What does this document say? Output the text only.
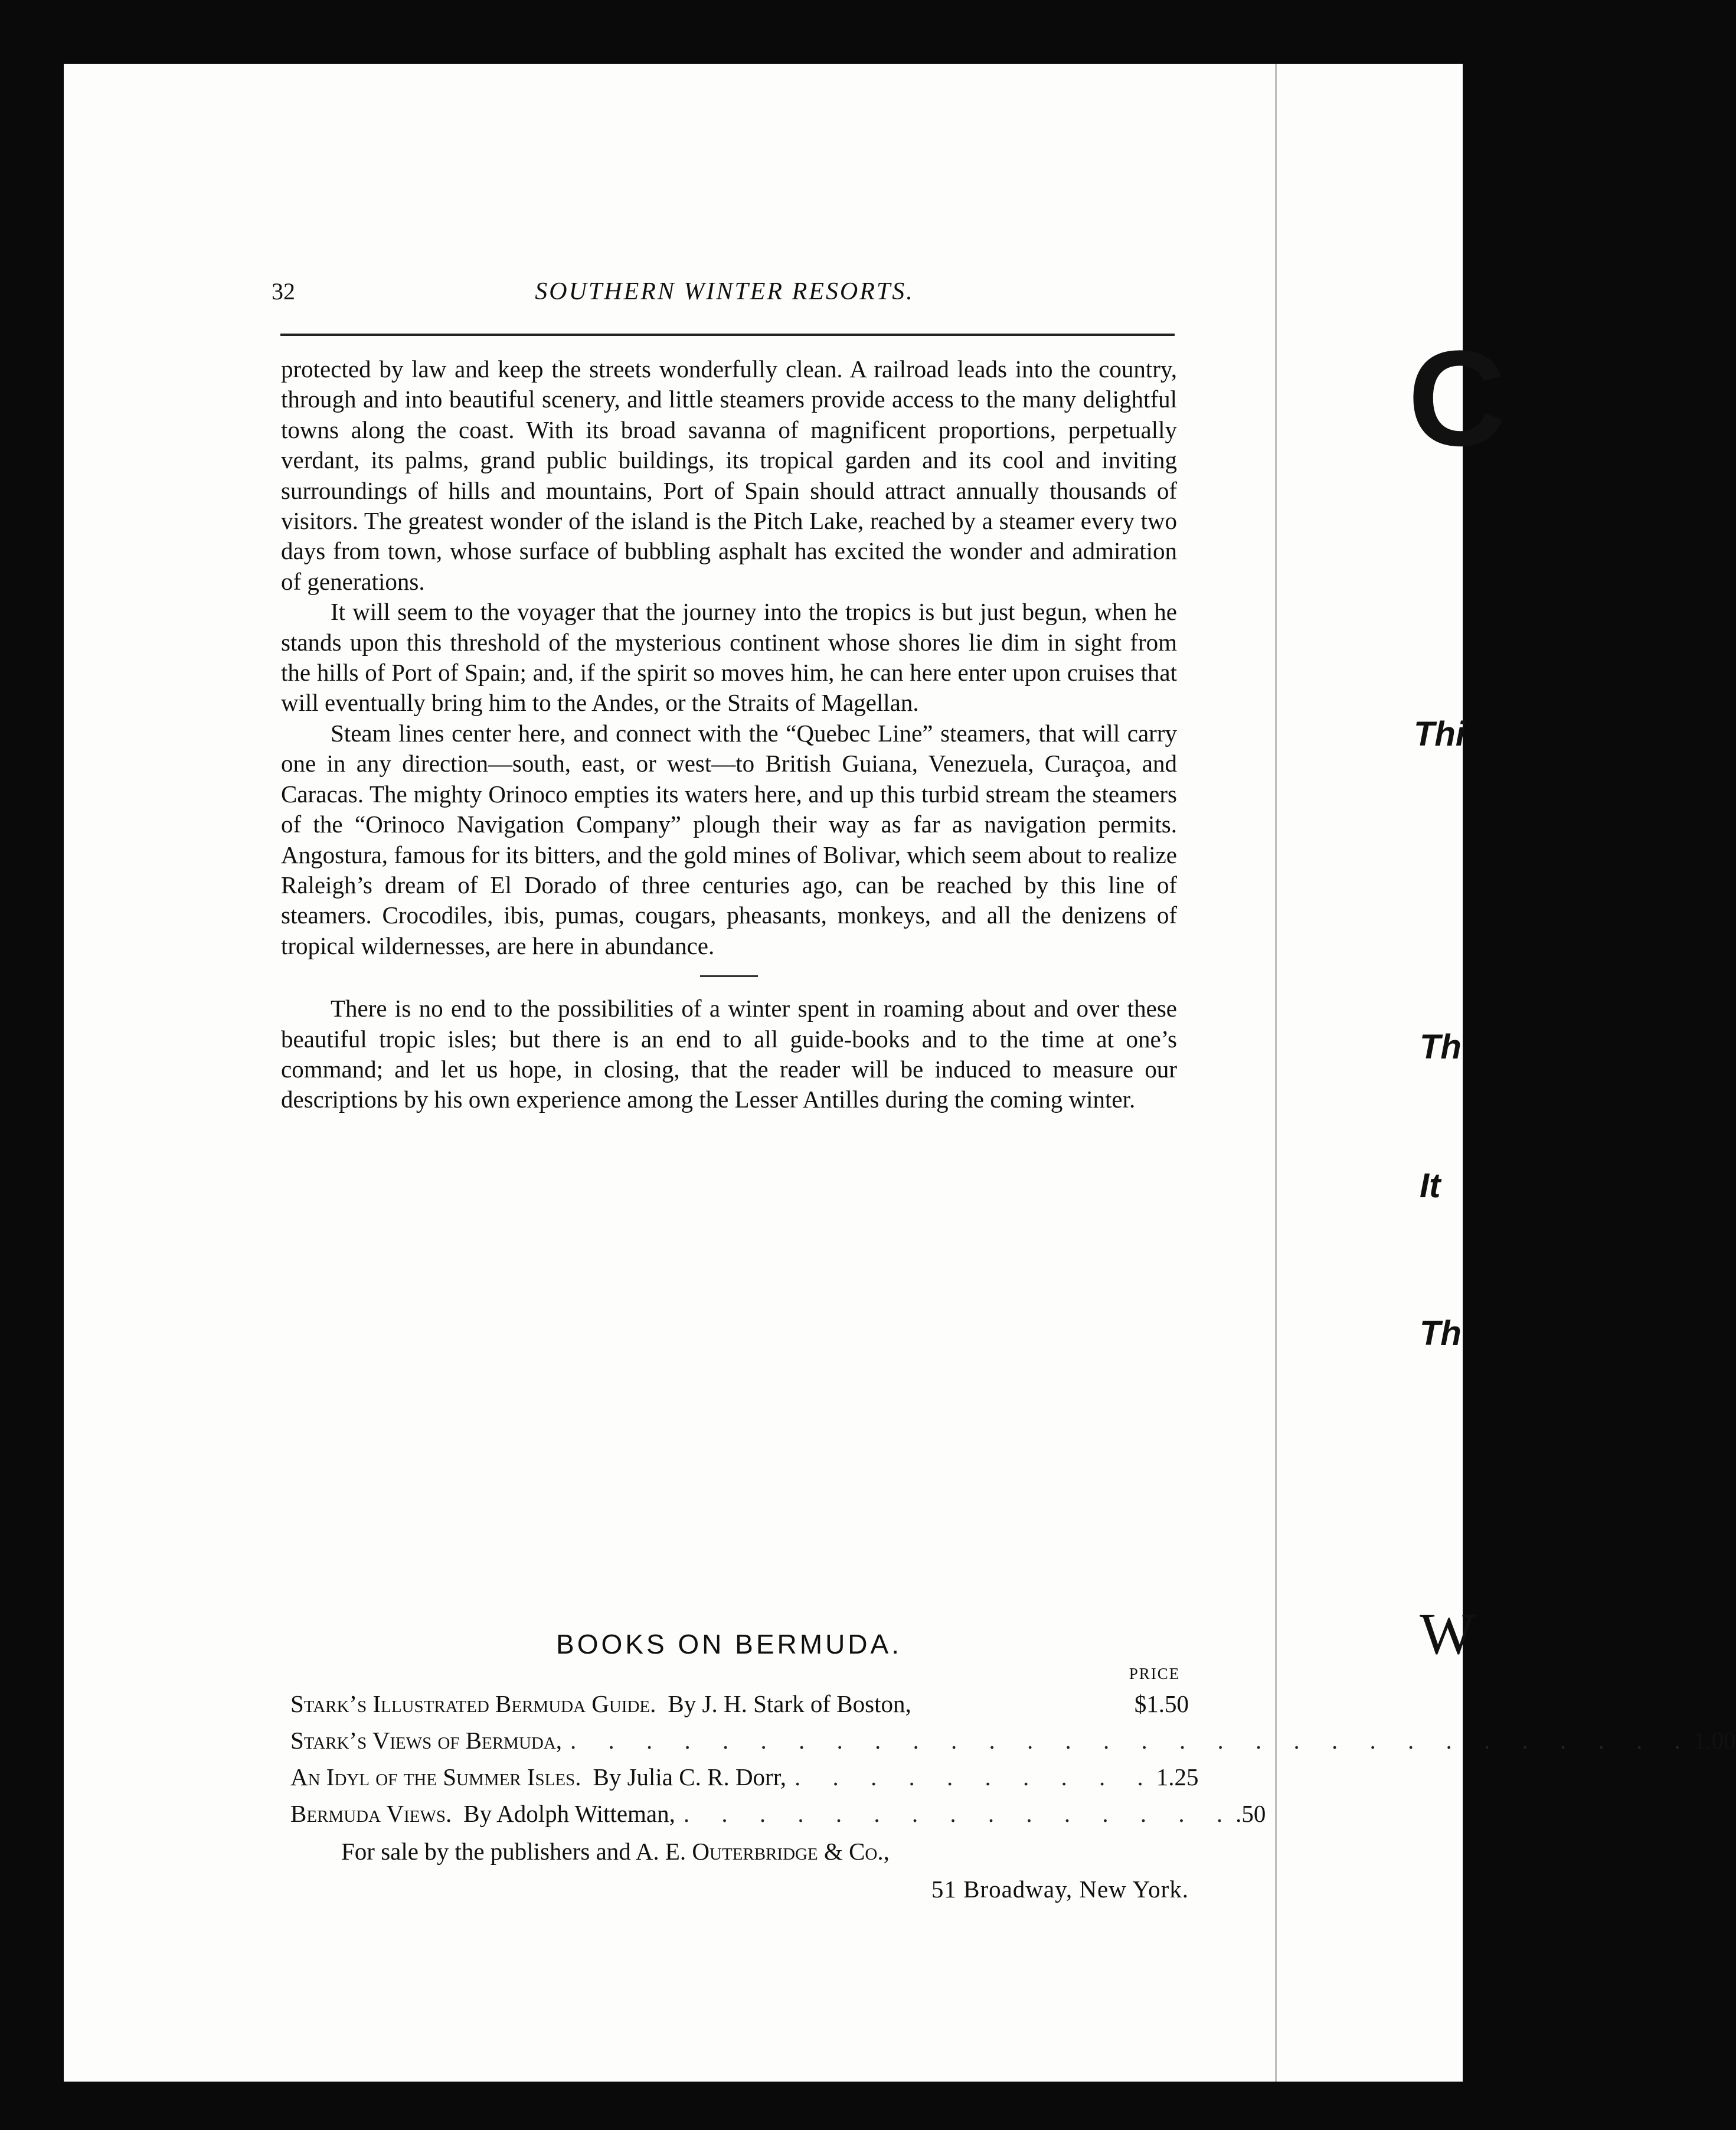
32	SOUTHERN WINTER RESORTS.

protected by law and keep the streets wonderfully clean. A railroad leads into the country, through and into beautiful scenery, and little steamers provide access to the many delightful towns along the coast. With its broad savanna of magnificent proportions, perpetually verdant, its palms, grand public buildings, its tropical garden and its cool and inviting surroundings of hills and mountains, Port of Spain should attract annually thousands of visitors. The greatest wonder of the island is the Pitch Lake, reached by a steamer every two days from town, whose surface of bubbling asphalt has excited the wonder and admiration of generations.

It will seem to the voyager that the journey into the tropics is but just begun, when he stands upon this threshold of the mysterious continent whose shores lie dim in sight from the hills of Port of Spain; and, if the spirit so moves him, he can here enter upon cruises that will eventually bring him to the Andes, or the Straits of Magellan.

Steam lines center here, and connect with the “Quebec Line” steamers, that will carry one in any direction—south, east, or west—to British Guiana, Venezuela, Curaçoa, and Caracas. The mighty Orinoco empties its waters here, and up this turbid stream the steamers of the “Orinoco Navigation Company” plough their way as far as navigation permits. Angostura, famous for its bitters, and the gold mines of Bolivar, which seem about to realize Raleigh’s dream of El Dorado of three centuries ago, can be reached by this line of steamers. Crocodiles, ibis, pumas, cougars, pheasants, monkeys, and all the denizens of tropical wildernesses, are here in abundance.

There is no end to the possibilities of a winter spent in roaming about and over these beautiful tropic isles; but there is an end to all guide-books and to the time at one’s command; and let us hope, in closing, that the reader will be induced to measure our descriptions by his own experience among the Lesser Antilles during the coming winter.

BOOKS ON BERMUDA.
PRICE
Stark’s Illustrated Bermuda Guide. By J. H. Stark of Boston,	$1.50
Stark’s Views of Bermuda, . . . . . . . . . . . . . . . . . . . . . . . . . . . . . . 1.00
An Idyl of the Summer Isles. By Julia C. R. Dorr, . . . . . . . . . . 1.25
Bermuda Views. By Adolph Witteman, . . . . . . . . . . . . . . . .50
For sale by the publishers and A. E. Outerbridge & Co.,
51 Broadway, New York.
C
Thi
Th
It
Th
W
